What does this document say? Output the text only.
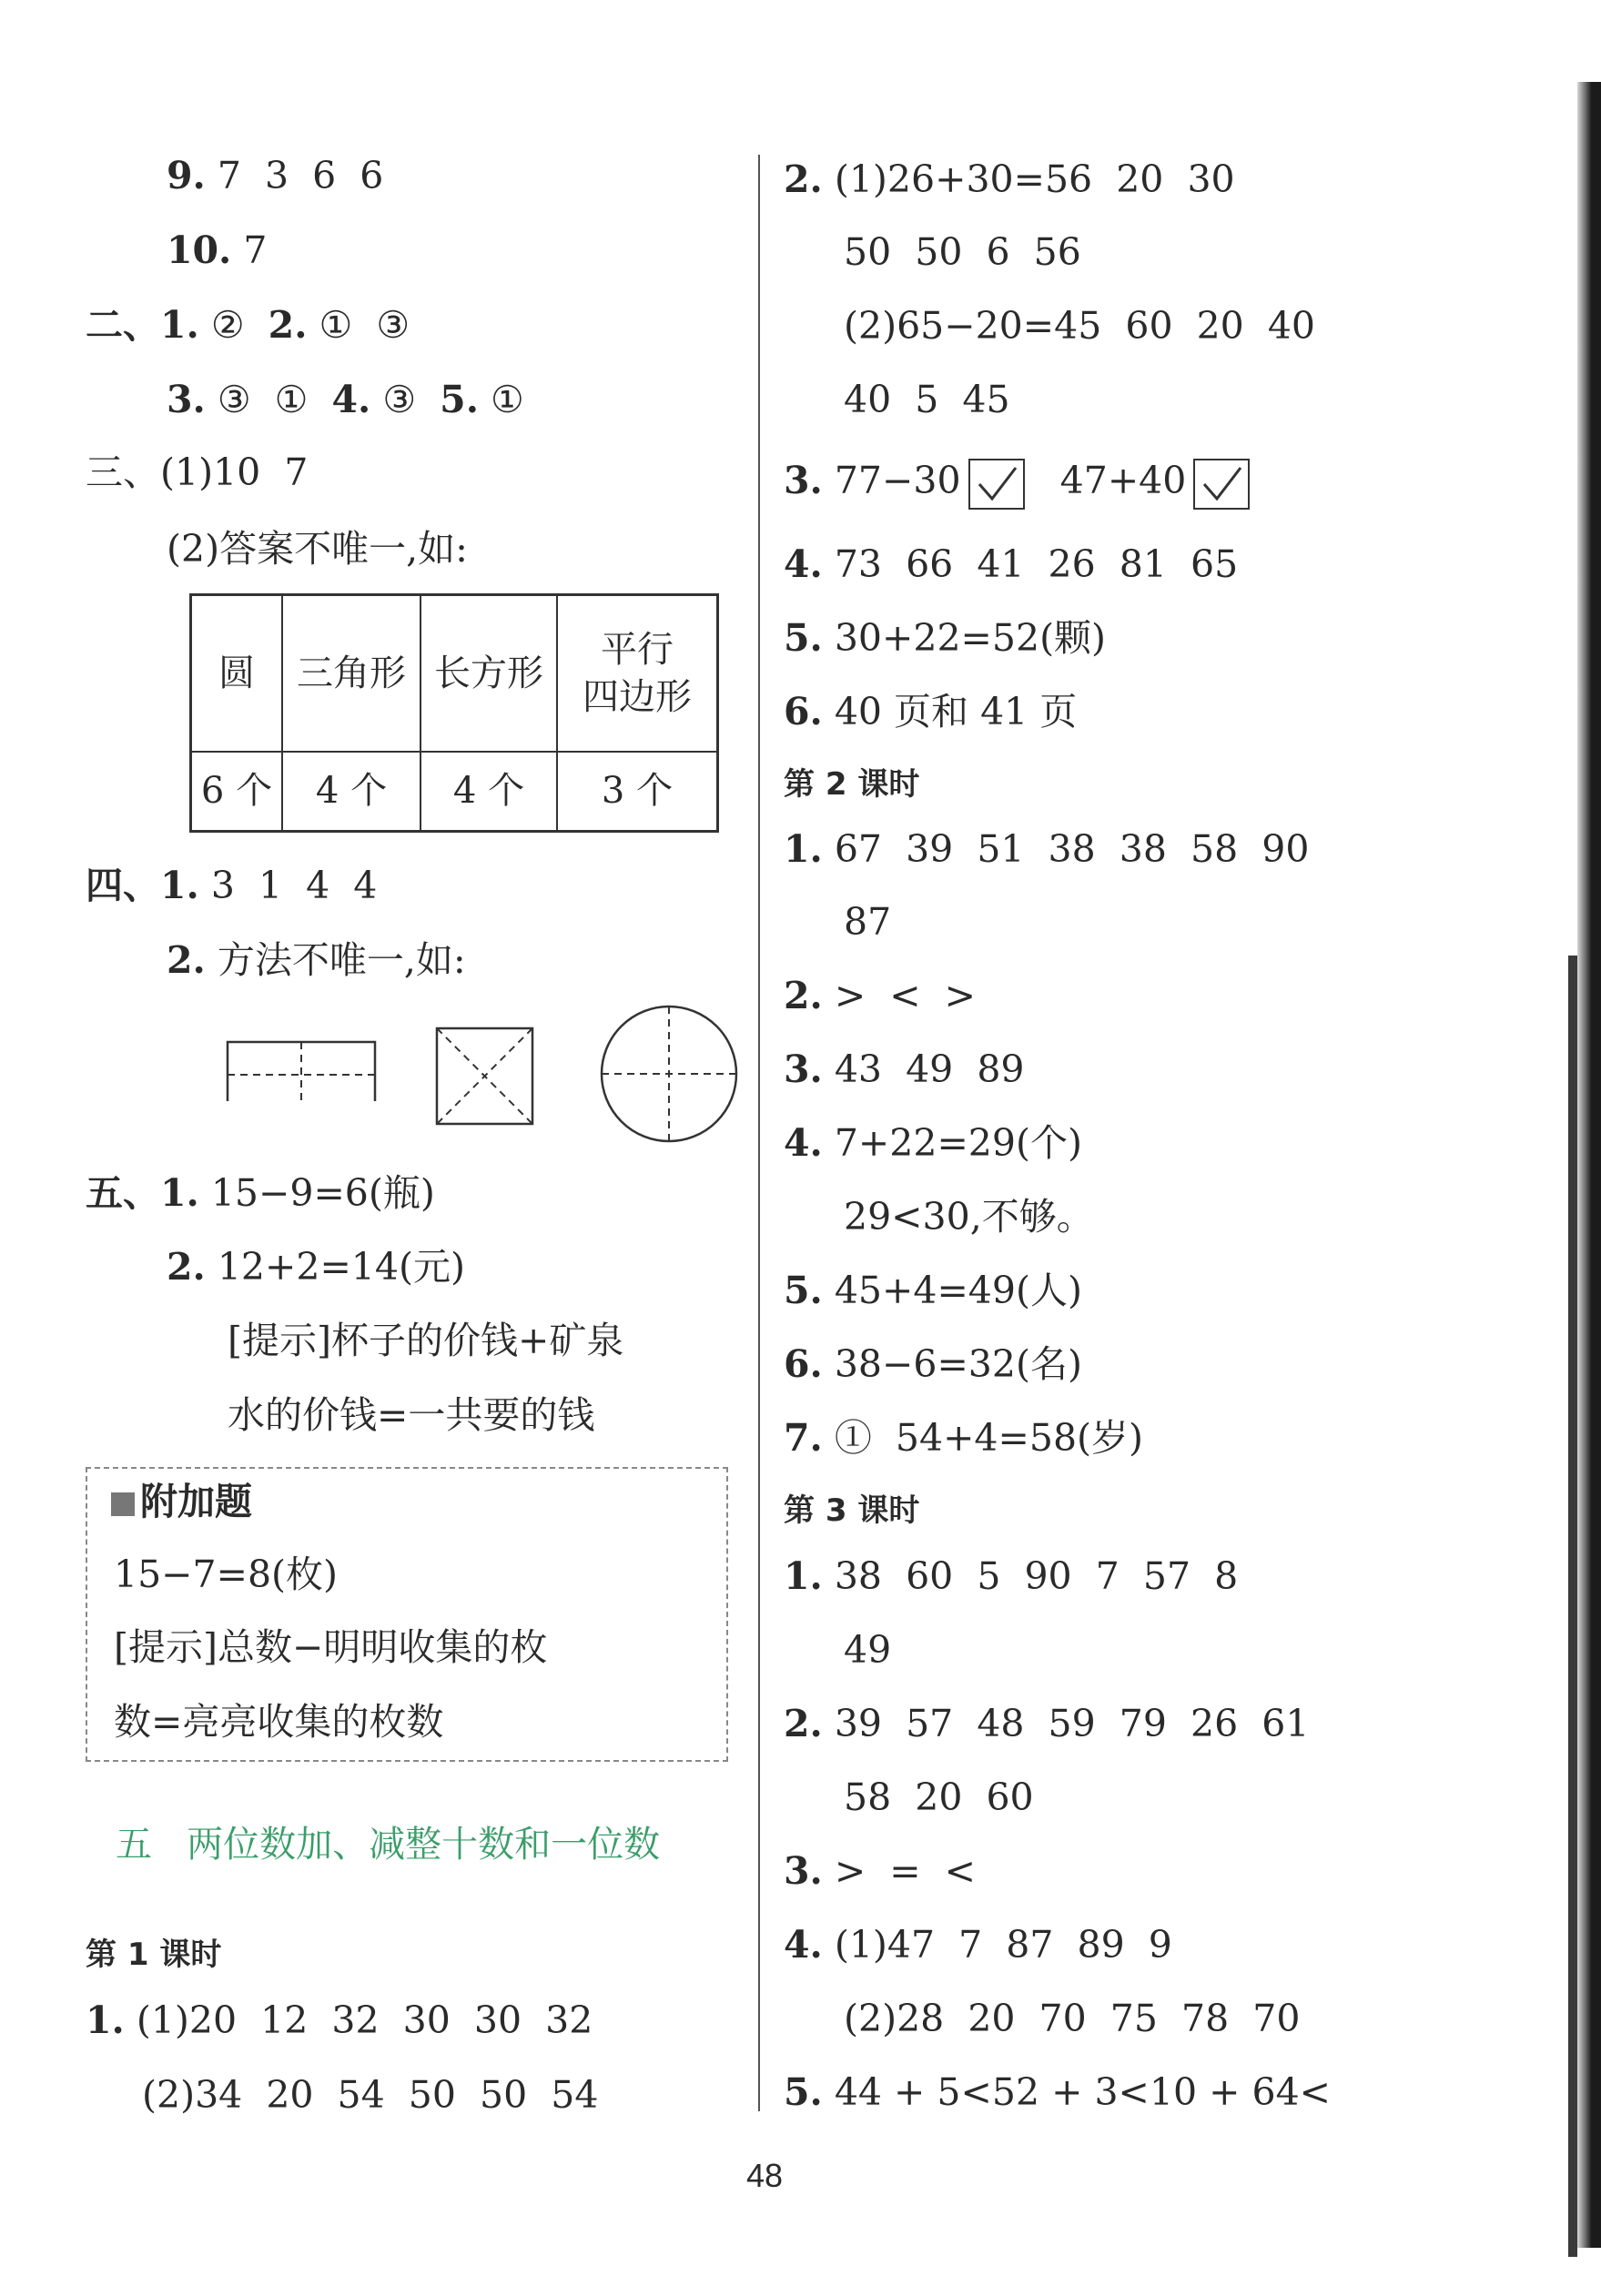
9. 7  3  6  6
10. 7
二、1. ②  2. ①  ③
3. ③  ①  4. ③  5. ①
三、(1)10  7
(2)答案不唯一,如:
圆	三角形	长方形	平行
四边形
6 个	4 个	4 个	3 个
四、1. 3  1  4  4
2. 方法不唯一,如:
五、1. 15−9=6(瓶)
2. 12+2=14(元)
[提示]杯子的价钱+矿泉
水的价钱=一共要的钱
附加题
15−7=8(枚)
[提示]总数−明明收集的枚
数=亮亮收集的枚数
五   两位数加、减整十数和一位数
第 1 课时
1. (1)20  12  32  30  30  32
(2)34  20  54  50  50  54
2. (1)26+30=56  20  30
50  50  6  56
(2)65−20=45  60  20  40
40  5  45
3. 77−30
47+40
4. 73  66  41  26  81  65
5. 30+22=52(颗)
6. 40 页和 41 页
第 2 课时
1. 67  39  51  38  38  58  90
87
2. >  <  >
3. 43  49  89
4. 7+22=29(个)
29<30,不够。
5. 45+4=49(人)
6. 38−6=32(名)
7. ①  54+4=58(岁)
第 3 课时
1. 38  60  5  90  7  57  8
49
2. 39  57  48  59  79  26  61
58  20  60
3. >  =  <
4. (1)47  7  87  89  9
(2)28  20  70  75  78  70
5. 44 + 5<52 + 3<10 + 64<
48
